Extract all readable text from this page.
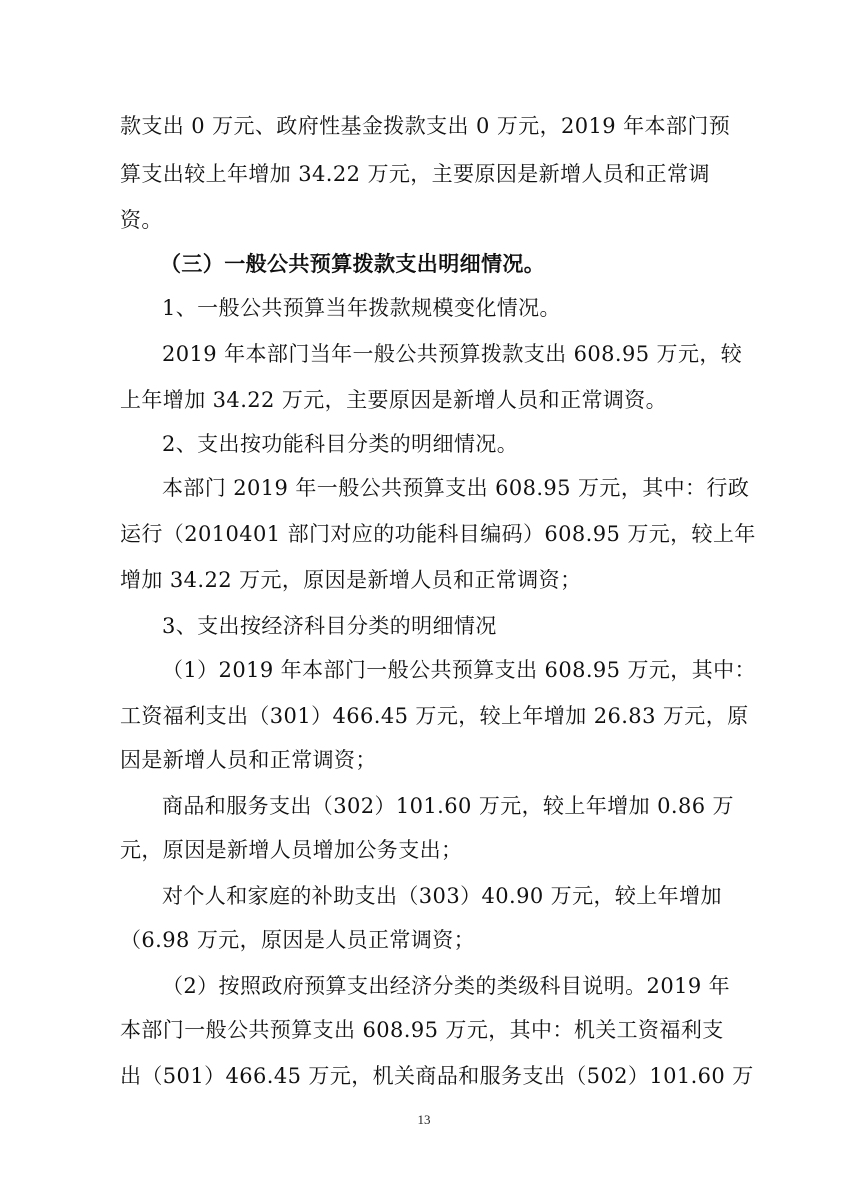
款支出 0 万元、政府性基金拨款支出 0 万元，2019 年本部门预
算支出较上年增加 34.22 万元，主要原因是新增人员和正常调
资。
（三）一般公共预算拨款支出明细情况。
1、一般公共预算当年拨款规模变化情况。
2019 年本部门当年一般公共预算拨款支出 608.95 万元，较
上年增加 34.22 万元，主要原因是新增人员和正常调资。
2、支出按功能科目分类的明细情况。
本部门 2019 年一般公共预算支出 608.95 万元，其中：行政
运行（2010401 部门对应的功能科目编码）608.95 万元，较上年
增加 34.22 万元，原因是新增人员和正常调资；
3、支出按经济科目分类的明细情况
（1）2019 年本部门一般公共预算支出 608.95 万元，其中：
工资福利支出（301）466.45 万元，较上年增加 26.83 万元，原
因是新增人员和正常调资；
商品和服务支出（302）101.60 万元，较上年增加 0.86 万
元，原因是新增人员增加公务支出；
对个人和家庭的补助支出（303）40.90 万元，较上年增加
（6.98 万元，原因是人员正常调资；
（2）按照政府预算支出经济分类的类级科目说明。2019 年
本部门一般公共预算支出 608.95 万元，其中：机关工资福利支
出（501）466.45 万元，机关商品和服务支出（502）101.60 万
13
